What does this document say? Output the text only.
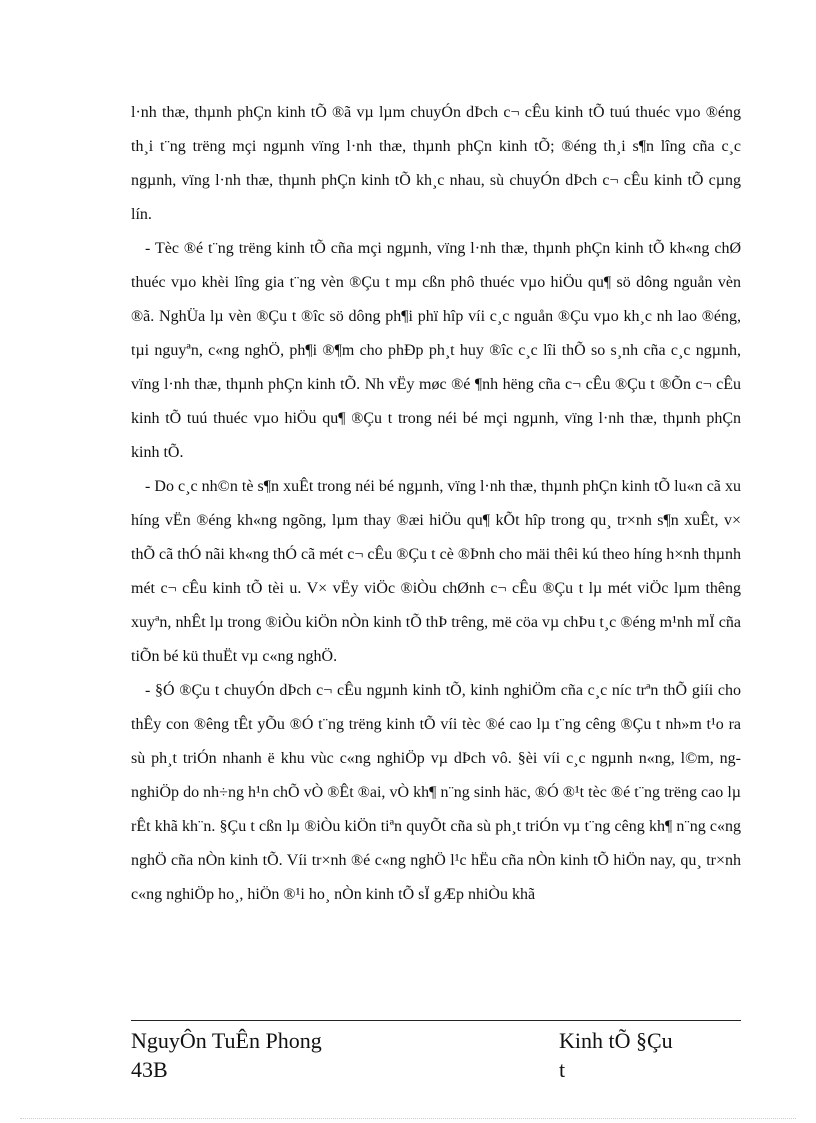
l·nh thæ, thµnh phÇn kinh tÕ ®ã vµ lµm chuyÓn dÞch c¬ cÊu kinh tÕ tuú thuéc vµo ®éng th¸i t¨ng trëng mçi ngµnh vïng l·nh thæ, thµnh phÇn kinh tÕ; ®éng th¸i s¶n lîng cña c¸c ngµnh, vïng l·nh thæ, thµnh phÇn kinh tÕ kh¸c nhau, sù chuyÓn dÞch c¬ cÊu kinh tÕ cµng lín.

- Tèc ®é t¨ng trëng kinh tÕ cña mçi ngµnh, vïng l·nh thæ, thµnh phÇn kinh tÕ kh«ng chØ thuéc vµo khèi lîng gia t¨ng vèn ®Çu t mµ cßn phô thuéc vµo hiÖu qu¶ sö dông nguån vèn ®ã. NghÜa lµ vèn ®Çu t ®îc sö dông ph¶i phï hîp víi c¸c nguån ®Çu vµo kh¸c nh lao ®éng, tµi nguyªn, c«ng nghÖ, ph¶i ®¶m cho phÐp ph¸t huy ®îc c¸c lîi thÕ so s¸nh cña c¸c ngµnh, vïng l·nh thæ, thµnh phÇn kinh tÕ. Nh vËy møc ®é ¶nh hëng cña c¬ cÊu ®Çu t ®Õn c¬ cÊu kinh tÕ tuú thuéc vµo hiÖu qu¶ ®Çu t trong néi bé mçi ngµnh, vïng l·nh thæ, thµnh phÇn kinh tÕ.

- Do c¸c nh©n tè s¶n xuÊt trong néi bé ngµnh, vïng l·nh thæ, thµnh phÇn kinh tÕ lu«n cã xu híng vËn ®éng kh«ng ngõng, lµm thay ®æi hiÖu qu¶ kÕt hîp trong qu¸ tr×nh s¶n xuÊt, v× thÕ cã thÓ nãi kh«ng thÓ cã mét c¬ cÊu ®Çu t cè ®Þnh cho mäi thêi kú theo híng h×nh thµnh mét c¬ cÊu kinh tÕ tèi u. V× vËy viÖc ®iÒu chØnh c¬ cÊu ®Çu t lµ mét viÖc lµm thêng xuyªn, nhÊt lµ trong ®iÒu kiÖn nÒn kinh tÕ thÞ trêng, më cöa vµ chÞu t¸c ®éng m¹nh mÏ cña tiÕn bé kü thuËt vµ c«ng nghÖ.

- §Ó ®Çu t chuyÓn dÞch c¬ cÊu ngµnh kinh tÕ, kinh nghiÖm cña c¸c níc trªn thÕ giíi cho thÊy con ®êng tÊt yÕu ®Ó t¨ng trëng kinh tÕ víi tèc ®é cao lµ t¨ng cêng ®Çu t nh»m t¹o ra sù ph¸t triÓn nhanh ë khu vùc c«ng nghiÖp vµ dÞch vô. §èi víi c¸c ngµnh n«ng, l©m, ng nghiÖp do nh÷ng h¹n chÕ vÒ ®Êt ®ai, vÒ kh¶ n¨ng sinh häc, ®Ó ®¹t tèc ®é t¨ng trëng cao lµ rÊt khã kh¨n. §Çu t cßn lµ ®iÒu kiÖn tiªn quyÕt cña sù ph¸t triÓn vµ t¨ng cêng kh¶ n¨ng c«ng nghÖ cña nÒn kinh tÕ. Víi tr×nh ®é c«ng nghÖ l¹c hËu cña nÒn kinh tÕ hiÖn nay, qu¸ tr×nh c«ng nghiÖp ho¸, hiÖn ®¹i ho¸ nÒn kinh tÕ sÏ gÆp nhiÒu khã

NguyÔn TuÊn Phong
43B
Kinh tÕ §Çu t
